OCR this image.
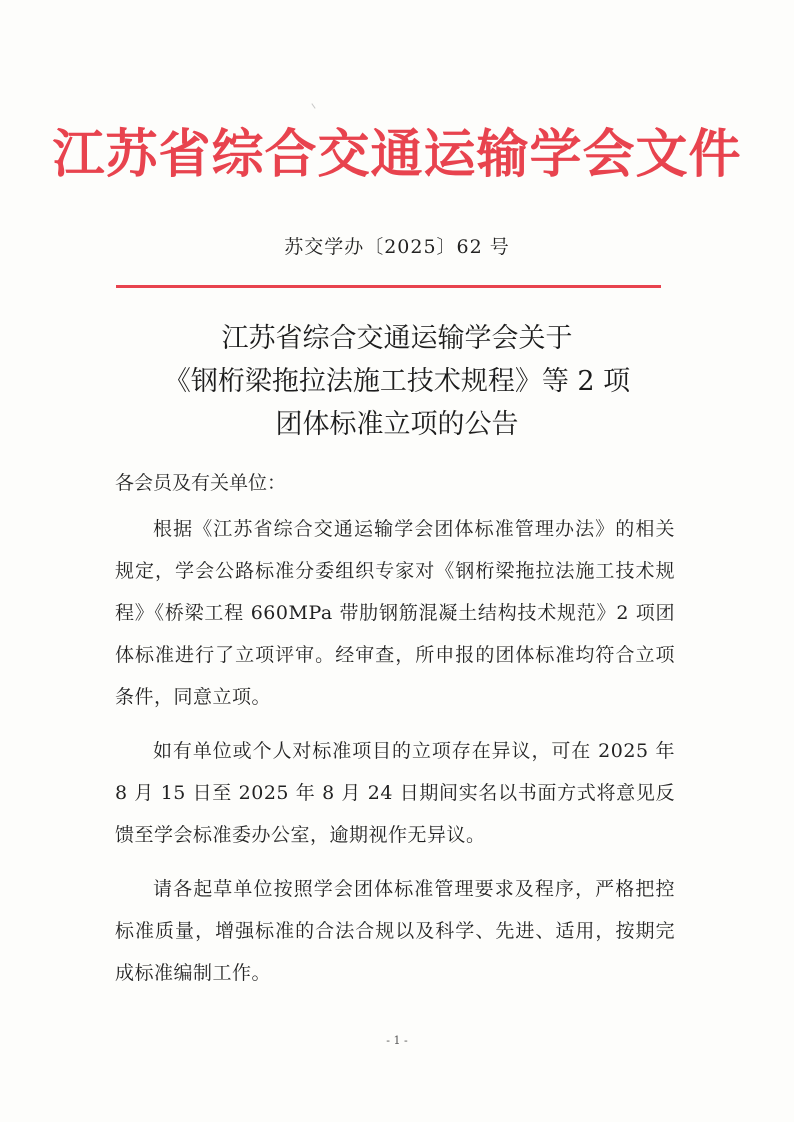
江苏省综合交通运输学会文件
苏交学办〔2025〕62 号
江苏省综合交通运输学会关于
《钢桁梁拖拉法施工技术规程》等 2 项
团体标准立项的公告

各会员及有关单位：

根据《江苏省综合交通运输学会团体标准管理办法》的相关规定，学会公路标准分委组织专家对《钢桁梁拖拉法施工技术规程》《桥梁工程 660MPa 带肋钢筋混凝土结构技术规范》2 项团体标准进行了立项评审。经审查，所申报的团体标准均符合立项条件，同意立项。

如有单位或个人对标准项目的立项存在异议，可在 2025 年 8 月 15 日至 2025 年 8 月 24 日期间实名以书面方式将意见反馈至学会标准委办公室，逾期视作无异议。

请各起草单位按照学会团体标准管理要求及程序，严格把控标准质量，增强标准的合法合规以及科学、先进、适用，按期完成标准编制工作。

- 1 -
